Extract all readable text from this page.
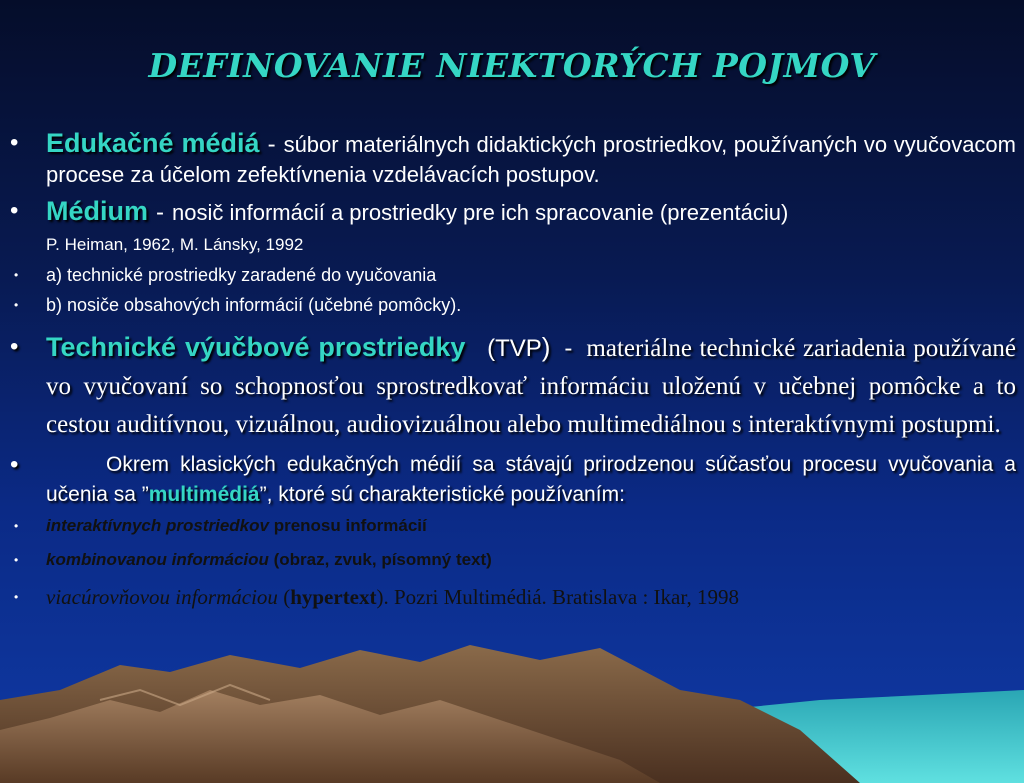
DEFINOVANIE NIEKTORÝCH POJMOV
• Edukačné médiá - súbor materiálnych didaktických prostriedkov, používaných vo vyučovacom procese za účelom zefektívnenia vzdelávacích postupov.
• Médium - nosič informácií a prostriedky pre ich spracovanie (prezentáciu)
P. Heiman, 1962, M. Lánsky, 1992
• a) technické prostriedky zaradené do vyučovania
• b) nosiče obsahových informácií (učebné pomôcky).
• Technické výučbové prostriedky (TVP) - materiálne technické zariadenia používané vo vyučovaní so schopnosťou sprostredkovať informáciu uloženú v učebnej pomôcke a to cestou auditívnou, vizuálnou, audiovizuálnou alebo multimediálnou s interaktívnymi postupmi.
•	Okrem klasických edukačných médií sa stávajú prirodzenou súčasťou procesu vyučovania a učenia sa ”multimédiá”, ktoré sú charakteristické používaním:
• interaktívnych prostriedkov prenosu informácií
• kombinovanou informáciou (obraz, zvuk, písomný text)
• viacúrovňovou informáciou (hypertext). Pozri Multimédiá. Bratislava : Ikar, 1998
